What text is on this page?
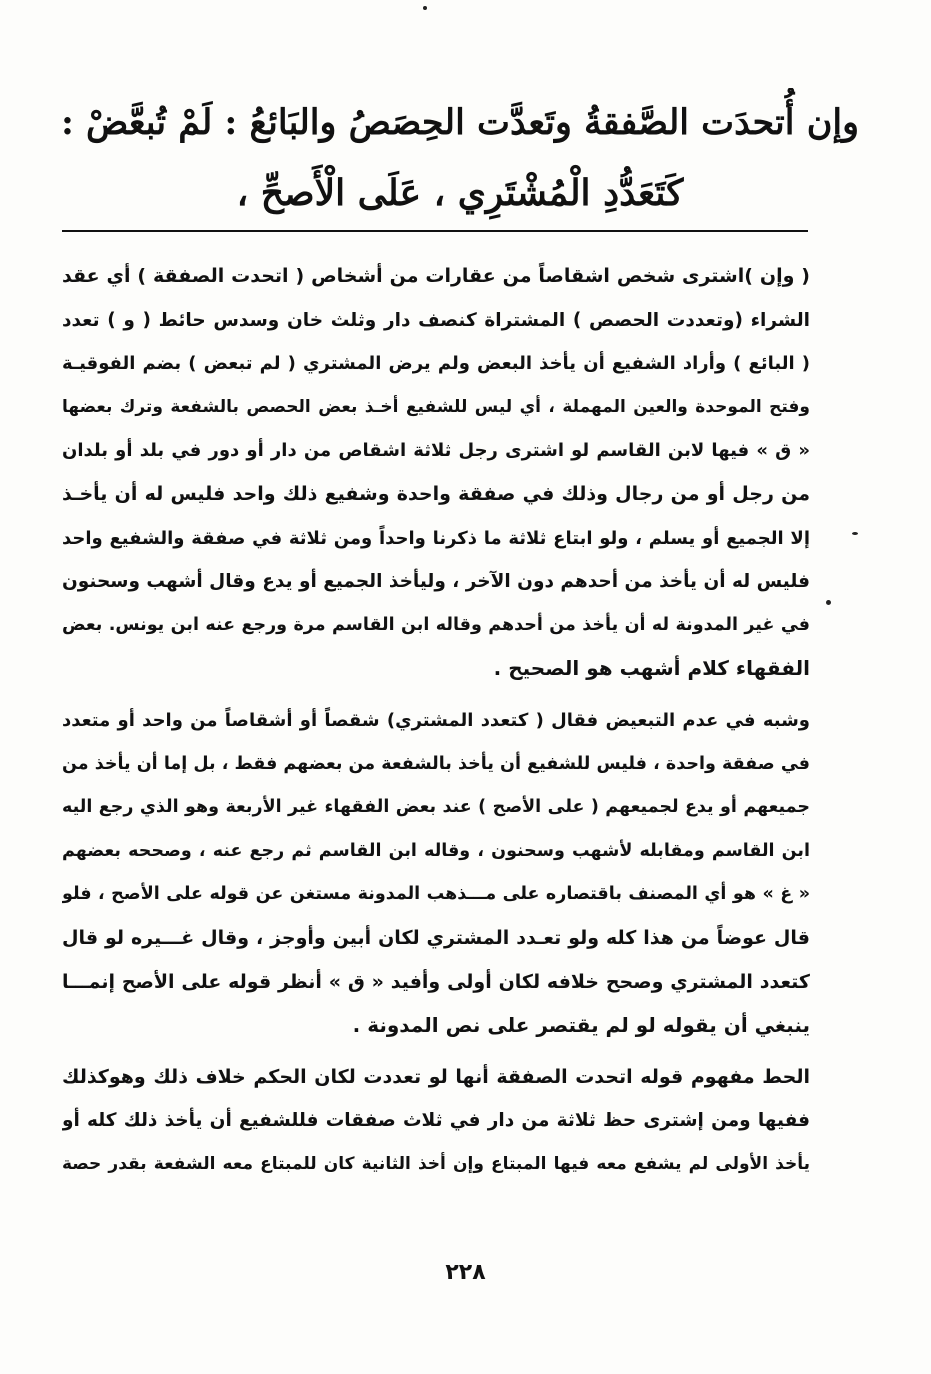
وإن أُتحدَت الصَّفقةُ وتَعدَّت الحِصَصُ والبَائعُ : لَمْ تُبعَّضْ :
كَتَعَدُّدِ الْمُشْتَرِي ، عَلَى الْأَصحِّ ،
( وإن )اشترى شخص اشقاصاً من عقارات من أشخاص ( اتحدت الصفقة ) أي عقد
الشراء (وتعددت الحصص ) المشتراة كنصف دار وثلث خان وسدس حائط ( و ) تعدد
( البائع ) وأراد الشفيع أن يأخذ البعض ولم يرض المشتري ( لم تبعض ) بضم الفوقيـة
وفتح الموحدة والعين المهملة ، أي ليس للشفيع أخـذ بعض الحصص بالشفعة وترك بعضها
« ق » فيها لابن القاسم لو اشترى رجل ثلاثة اشقاص من دار أو دور في بلد أو بلدان
من رجل أو من رجال وذلك في صفقة واحدة وشفيع ذلك واحد فليس له أن يأخـذ
إلا الجميع أو يسلم ، ولو ابتاع ثلاثة ما ذكرنا واحداً ومن ثلاثة في صفقة والشفيع واحد
فليس له أن يأخذ من أحدهم دون الآخر ، وليأخذ الجميع أو يدع وقال أشهب وسحنون
في غير المدونة له أن يأخذ من أحدهم وقاله ابن القاسم مرة ورجع عنه ابن يونس. بعض
الفقهاء كلام أشهب هو الصحيح .
وشبه في عدم التبعيض فقال ( كتعدد المشتري) شقصاً أو أشقاصاً من واحد أو متعدد
في صفقة واحدة ، فليس للشفيع أن يأخذ بالشفعة من بعضهم فقط ، بل إما أن يأخذ من
جميعهم أو يدع لجميعهم ( على الأصح ) عند بعض الفقهاء غير الأربعة وهو الذي رجع اليه
ابن القاسم ومقابله لأشهب وسحنون ، وقاله ابن القاسم ثم رجع عنه ، وصححه بعضهم
« غ » هو أي المصنف باقتصاره على مـــذهب المدونة مستغن عن قوله على الأصح ، فلو
قال عوضاً من هذا كله ولو تعـدد المشتري لكان أبين وأوجز ، وقال غـــيره لو قال
كتعدد المشتري وصحح خلافه لكان أولى وأفيد « ق » أنظر قوله على الأصح إنمـــا
ينبغي أن يقوله لو لم يقتصر على نص المدونة .
الحط مفهوم قوله اتحدت الصفقة أنها لو تعددت لكان الحكم خلاف ذلك وهوكذلك
ففيها ومن إشترى حظ ثلاثة من دار في ثلاث صفقات فللشفيع أن يأخذ ذلك كله أو
يأخذ الأولى لم يشفع معه فيها المبتاع وإن أخذ الثانية كان للمبتاع معه الشفعة بقدر حصة
٢٢٨
